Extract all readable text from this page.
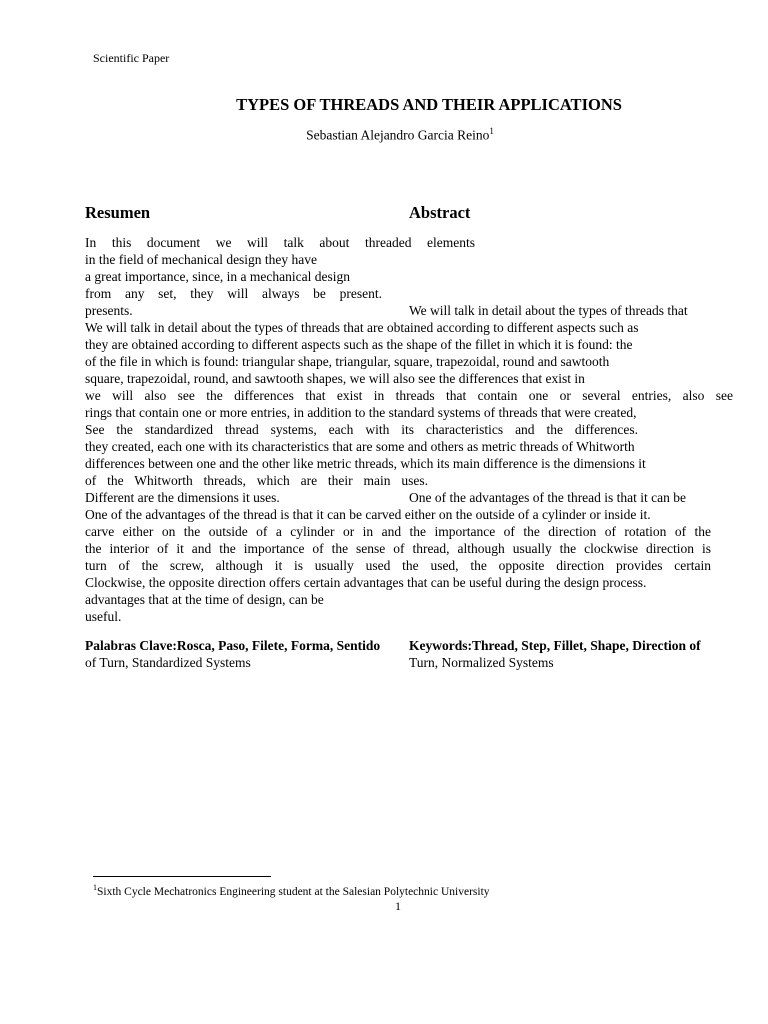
Scientific Paper
TYPES OF THREADS AND THEIR APPLICATIONS
Sebastian Alejandro Garcia Reino$^1$
Resumen	Abstract
In this document we will talk about threaded elements
in the field of mechanical design they have
a great importance, since, in a mechanical design
from any set, they will always be present.
presents.	We will talk in detail about the types of threads that
We will talk in detail about the types of threads that are obtained according to different aspects such as
they are obtained according to different aspects such as the shape of the fillet in which it is found: the
of the file in which is found: triangular shape, triangular, square, trapezoidal, round and sawtooth
square, trapezoidal, round, and sawtooth shapes, we will also see the differences that exist in
we will also see the differences that exist in threads that contain one or several entries, also see
rings that contain one or more entries, in addition to the standard systems of threads that were created,
See the standardized thread systems, each with its characteristics and the differences.
they created, each one with its characteristics that are some and others as metric threads of Whitworth
differences between one and the other like metric threads, which its main difference is the dimensions it
of the Whitworth threads, which are their main uses.
Different are the dimensions it uses.	One of the advantages of the thread is that it can be
One of the advantages of the thread is that it can be carved either on the outside of a cylinder or inside it.
carve either on the outside of a cylinder or in and the importance of the direction of rotation of the
the interior of it and the importance of the sense of thread, although usually the clockwise direction is
turn of the screw, although it is usually used the used, the opposite direction provides certain
Clockwise, the opposite direction offers certain advantages that can be useful during the design process.
advantages that at the time of design, can be
useful.
Palabras Clave:Rosca, Paso, Filete, Forma, Sentido Keywords:Thread, Step, Fillet, Shape, Direction of
of Turn, Standardized Systems	Turn, Normalized Systems
$^1$Sixth Cycle Mechatronics Engineering student at the Salesian Polytechnic University
1
